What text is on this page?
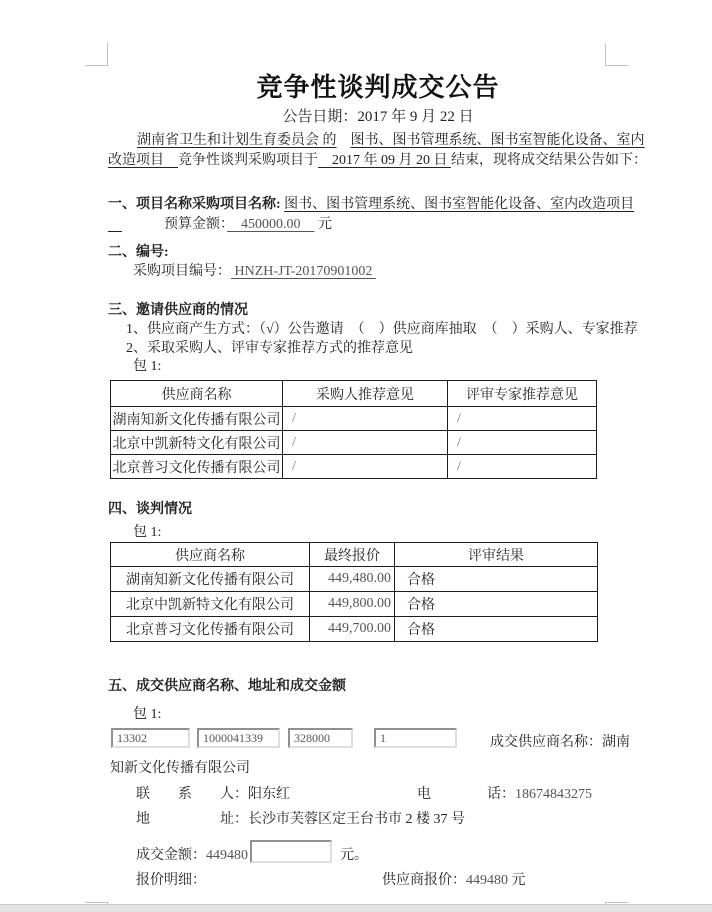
竞争性谈判成交公告
公告日期：2017 年 9 月 22 日
湖南省卫生和计划生育委员会 的　 图书、图书管理系统、图书室智能化设备、室内
改造项目　竞争性谈判采购项目于　2017 年 09 月 20 日 结束，现将成交结果公告如下：
一、项目名称采购项目名称: 图书、图书管理系统、图书室智能化设备、室内改造项目
　　　　预算金额：　450000.00　 元
二、编号:
采购项目编号： HNZH-JT-20170901002
三、邀请供应商的情况
1、供应商产生方式：（√）公告邀请　（　）供应商库抽取　（　）采购人、专家推荐
2、采取采购人、评审专家推荐方式的推荐意见
包 1:
供应商名称	采购人推荐意见	评审专家推荐意见
湖南知新文化传播有限公司	/	/
北京中凯新特文化有限公司	/	/
北京普习文化传播有限公司	/	/
四、谈判情况
包 1:
供应商名称	最终报价	评审结果
湖南知新文化传播有限公司	449,480.00	合格
北京中凯新特文化有限公司	449,800.00	合格
北京普习文化传播有限公司	449,700.00	合格
五、成交供应商名称、地址和成交金额
包 1:
13302
1000041339
328000
1
成交供应商名称：湖南
知新文化传播有限公司
联　　系　　人：阳东红	电　　　　话：18674843275
地　　　　　址：长沙市芙蓉区定王台书市 2 楼 37 号
成交金额：449480	元。
报价明细：	供应商报价：449480 元
